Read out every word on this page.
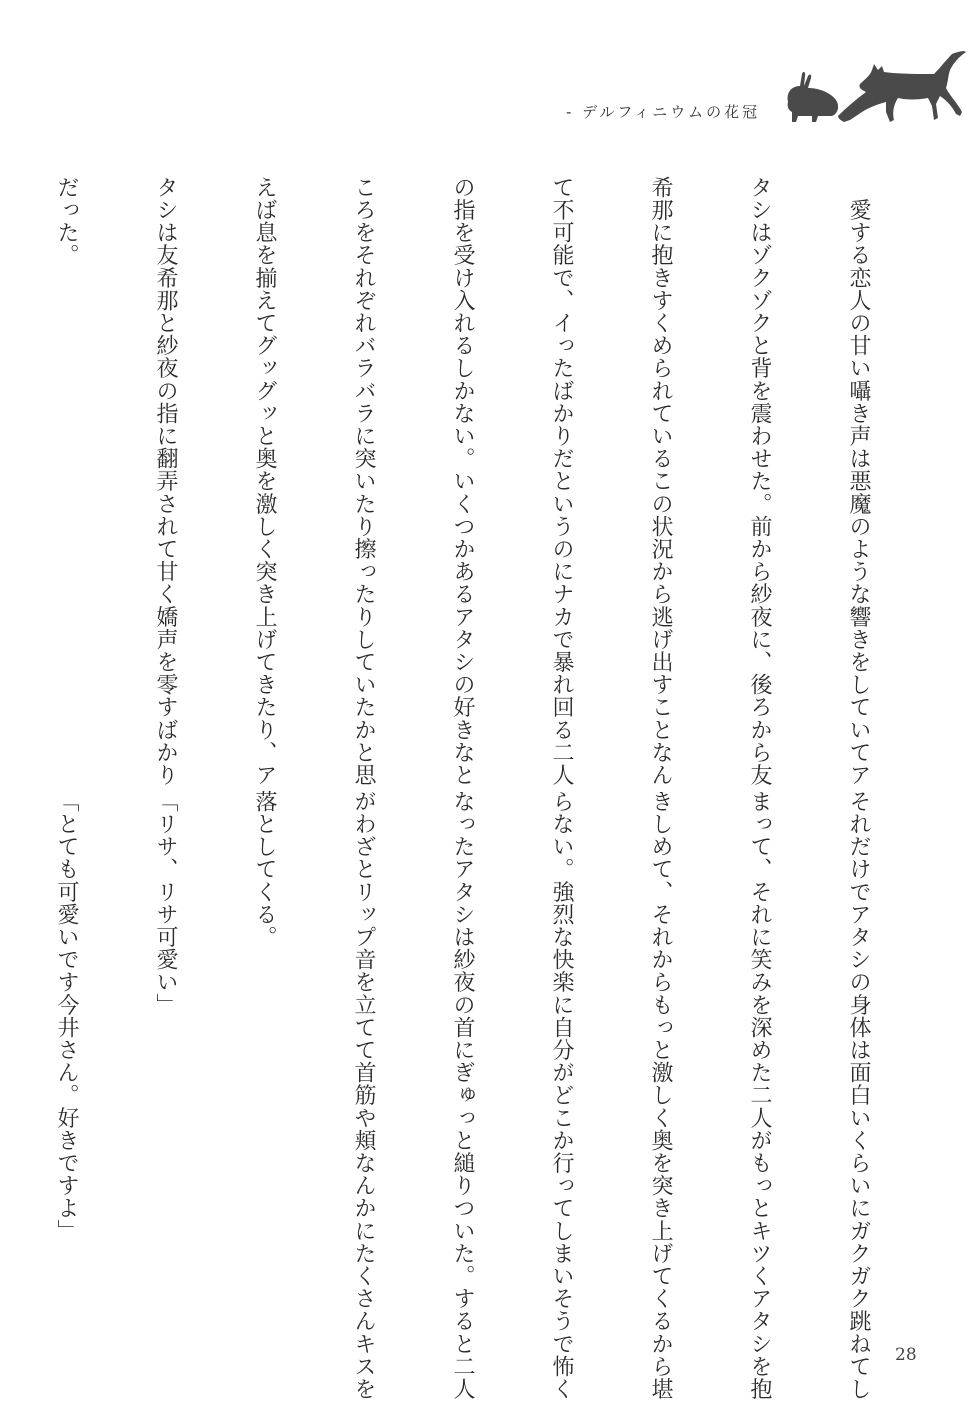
- デルフィニウムの花冠

　愛する恋人の甘い囁き声は悪魔のような響きをしていてア

タシはゾクゾクと背を震わせた。前から紗夜に、後ろから友

希那に抱きすくめられているこの状況から逃げ出すことなん

て不可能で、イったばかりだというのにナカで暴れ回る二人

の指を受け入れるしかない。いくつかあるアタシの好きなと

ころをそれぞれバラバラに突いたり擦ったりしていたかと思

えば息を揃えてグッグッと奥を激しく突き上げてきたり、ア

タシは友希那と紗夜の指に翻弄されて甘く嬌声を零すばかり

だった。

それだけでアタシの身体は面白いくらいにガクガク跳ねてし

まって、それに笑みを深めた二人がもっとキツくアタシを抱

きしめて、それからもっと激しく奥を突き上げてくるから堪

らない。強烈な快楽に自分がどこか行ってしまいそうで怖く

なったアタシは紗夜の首にぎゅっと縋りついた。すると二人

がわざとリップ音を立てて首筋や頬なんかにたくさんキスを

落としてくる。

「リサ、リサ可愛い」

「とても可愛いです今井さん。好きですよ」

28
